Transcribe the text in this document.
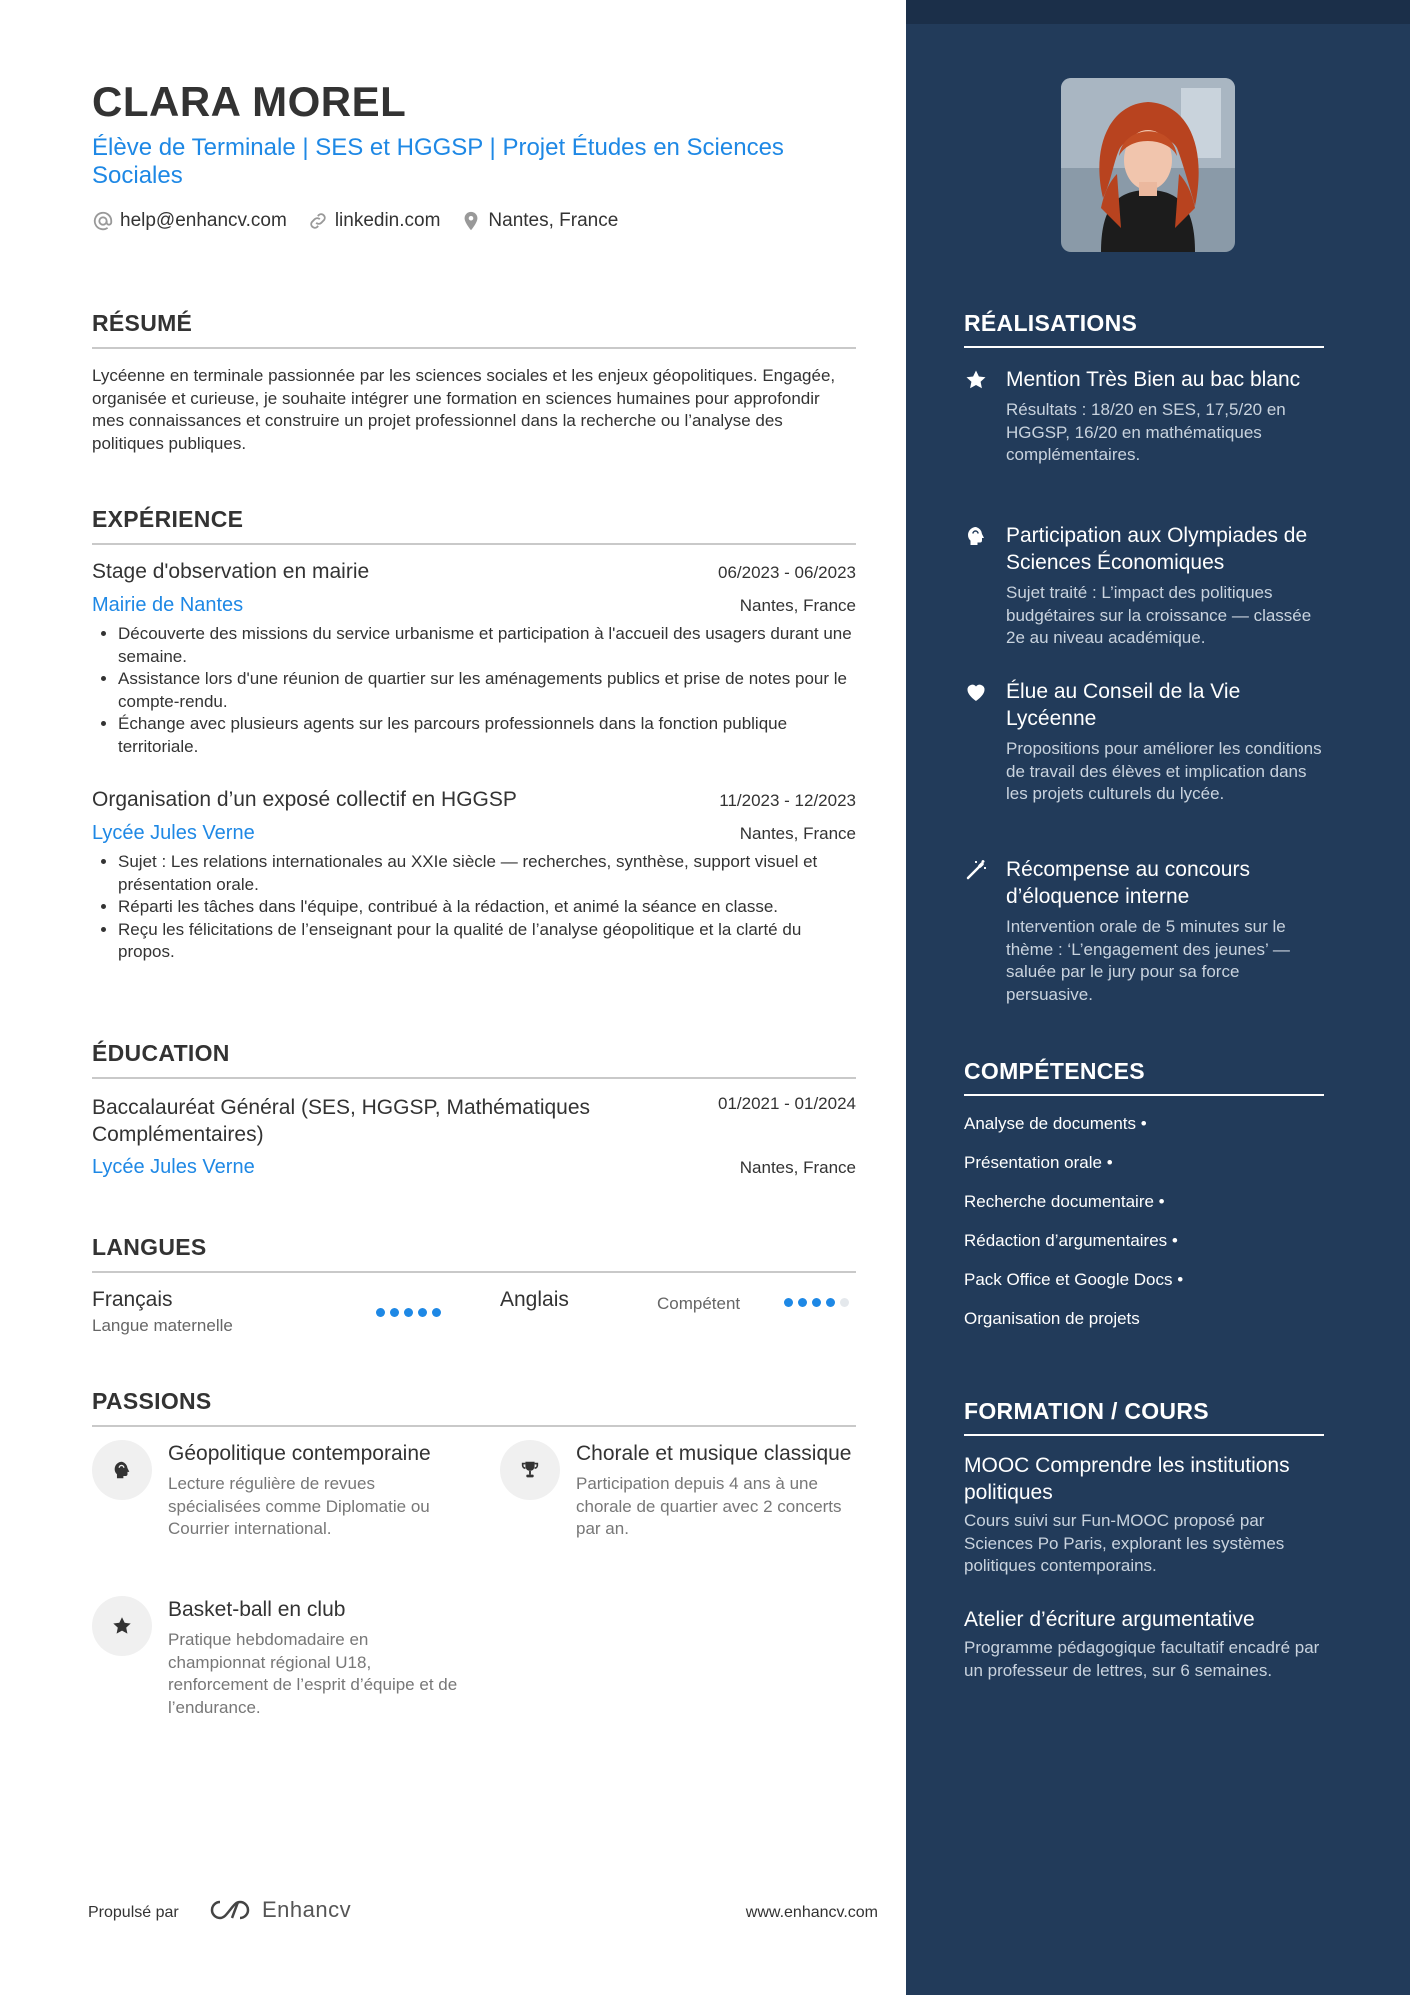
CLARA MOREL

Élève de Terminale | SES et HGGSP | Projet Études en Sciences Sociales

help@enhancv.com	linkedin.com	Nantes, France
RÉSUMÉ

Lycéenne en terminale passionnée par les sciences sociales et les enjeux géopolitiques. Engagée, organisée et curieuse, je souhaite intégrer une formation en sciences humaines pour approfondir mes connaissances et construire un projet professionnel dans la recherche ou l’analyse des politiques publiques.

EXPÉRIENCE
Stage d'observation en mairie	06/2023 - 06/2023
Mairie de Nantes	Nantes, France
• Découverte des missions du service urbanisme et participation à l'accueil des usagers durant une semaine.
• Assistance lors d'une réunion de quartier sur les aménagements publics et prise de notes pour le compte-rendu.
• Échange avec plusieurs agents sur les parcours professionnels dans la fonction publique territoriale.
Organisation d’un exposé collectif en HGGSP	11/2023 - 12/2023
Lycée Jules Verne	Nantes, France
• Sujet : Les relations internationales au XXIe siècle — recherches, synthèse, support visuel et présentation orale.
• Réparti les tâches dans l'équipe, contribué à la rédaction, et animé la séance en classe.
• Reçu les félicitations de l’enseignant pour la qualité de l’analyse géopolitique et la clarté du propos.
ÉDUCATION
Baccalauréat Général (SES, HGGSP, Mathématiques Complémentaires)
01/2021 - 01/2024
Lycée Jules Verne	Nantes, France
LANGUES
Français
Langue maternelle
Anglais	Compétent
PASSIONS
Géopolitique contemporaine
Lecture régulière de revues spécialisées comme Diplomatie ou Courrier international.
Chorale et musique classique
Participation depuis 4 ans à une chorale de quartier avec 2 concerts par an.
Basket-ball en club
Pratique hebdomadaire en championnat régional U18, renforcement de l’esprit d’équipe et de l’endurance.
Propulsé par	Enhancv	www.enhancv.com
RÉALISATIONS
Mention Très Bien au bac blanc
Résultats : 18/20 en SES, 17,5/20 en HGGSP, 16/20 en mathématiques complémentaires.
Participation aux Olympiades de Sciences Économiques
Sujet traité : L’impact des politiques budgétaires sur la croissance — classée 2e au niveau académique.
Élue au Conseil de la Vie Lycéenne
Propositions pour améliorer les conditions de travail des élèves et implication dans les projets culturels du lycée.
Récompense au concours d’éloquence interne
Intervention orale de 5 minutes sur le thème : ‘L’engagement des jeunes’ — saluée par le jury pour sa force persuasive.
COMPÉTENCES
Analyse de documents •
Présentation orale •
Recherche documentaire •
Rédaction d’argumentaires •
Pack Office et Google Docs •
Organisation de projets
FORMATION / COURS
MOOC Comprendre les institutions politiques
Cours suivi sur Fun-MOOC proposé par Sciences Po Paris, explorant les systèmes politiques contemporains.
Atelier d’écriture argumentative
Programme pédagogique facultatif encadré par un professeur de lettres, sur 6 semaines.
